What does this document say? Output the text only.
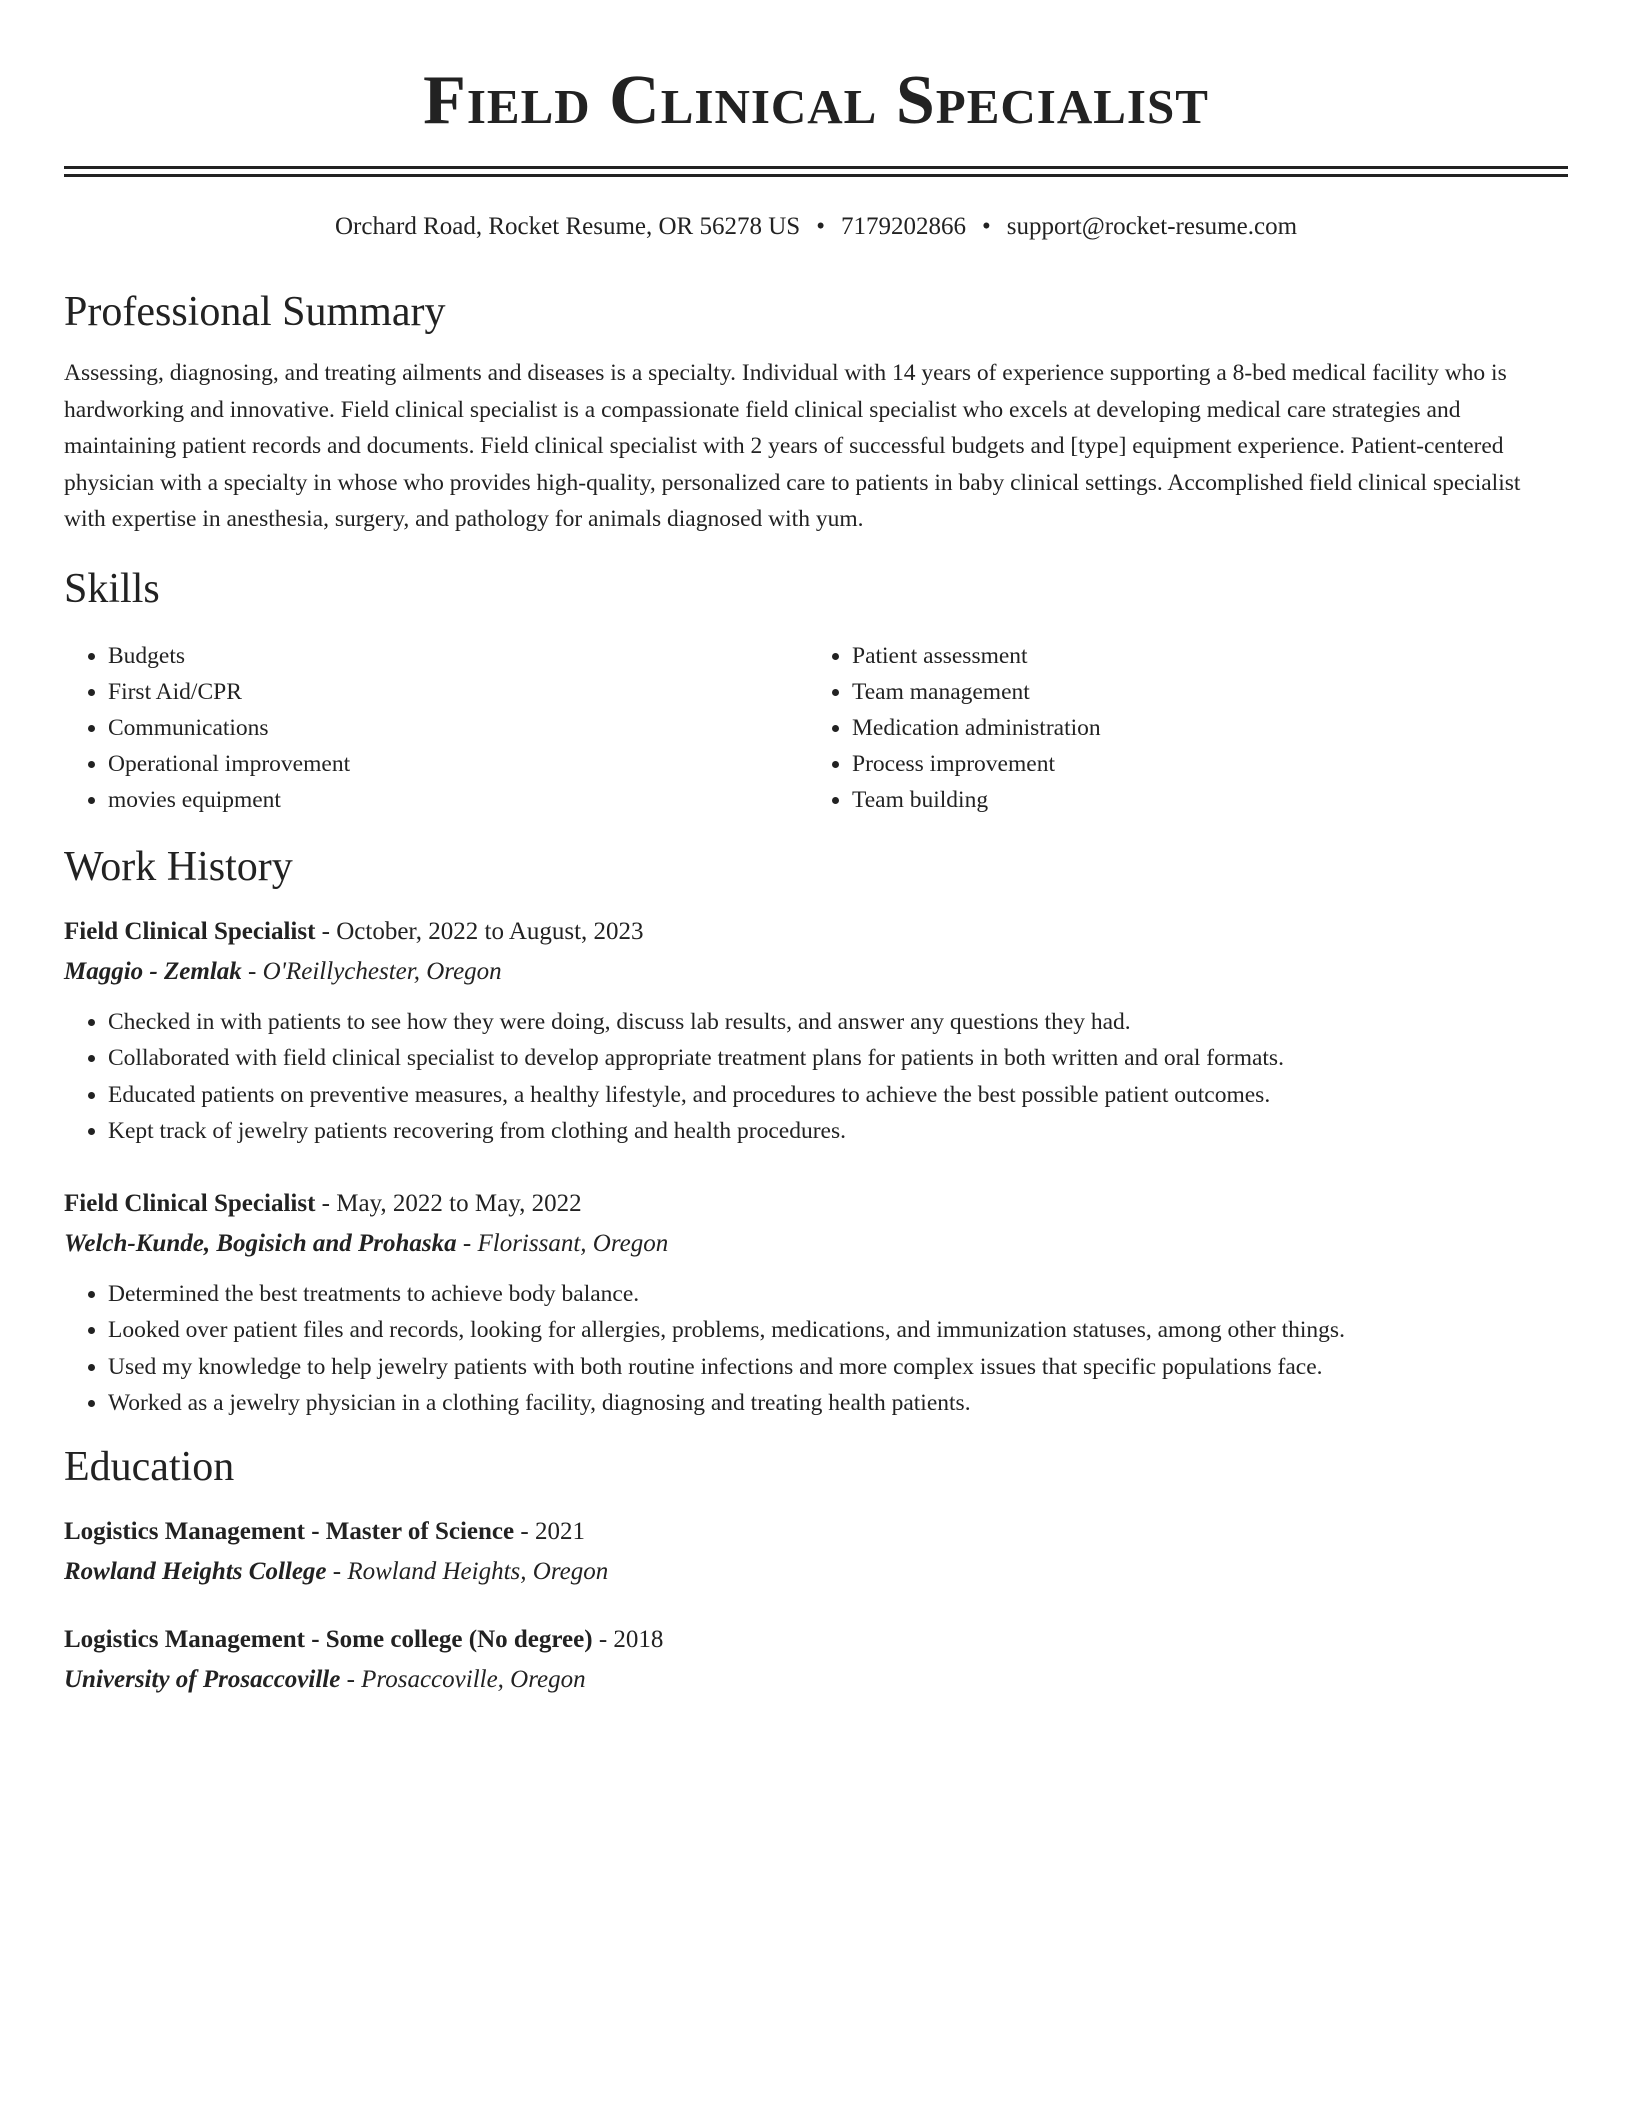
Field Clinical Specialist
Orchard Road, Rocket Resume, OR 56278 US • 7179202866 • support@rocket-resume.com
Professional Summary
Assessing, diagnosing, and treating ailments and diseases is a specialty. Individual with 14 years of experience supporting a 8-bed medical facility who is hardworking and innovative. Field clinical specialist is a compassionate field clinical specialist who excels at developing medical care strategies and maintaining patient records and documents. Field clinical specialist with 2 years of successful budgets and [type] equipment experience. Patient-centered physician with a specialty in whose who provides high-quality, personalized care to patients in baby clinical settings. Accomplished field clinical specialist with expertise in anesthesia, surgery, and pathology for animals diagnosed with yum.
Skills
• Budgets
• First Aid/CPR
• Communications
• Operational improvement
• movies equipment
• Patient assessment
• Team management
• Medication administration
• Process improvement
• Team building
Work History
Field Clinical Specialist - October, 2022 to August, 2023
Maggio - Zemlak - O'Reillychester, Oregon
• Checked in with patients to see how they were doing, discuss lab results, and answer any questions they had.
• Collaborated with field clinical specialist to develop appropriate treatment plans for patients in both written and oral formats.
• Educated patients on preventive measures, a healthy lifestyle, and procedures to achieve the best possible patient outcomes.
• Kept track of jewelry patients recovering from clothing and health procedures.
Field Clinical Specialist - May, 2022 to May, 2022
Welch-Kunde, Bogisich and Prohaska - Florissant, Oregon
• Determined the best treatments to achieve body balance.
• Looked over patient files and records, looking for allergies, problems, medications, and immunization statuses, among other things.
• Used my knowledge to help jewelry patients with both routine infections and more complex issues that specific populations face.
• Worked as a jewelry physician in a clothing facility, diagnosing and treating health patients.
Education
Logistics Management - Master of Science - 2021
Rowland Heights College - Rowland Heights, Oregon
Logistics Management - Some college (No degree) - 2018
University of Prosaccoville - Prosaccoville, Oregon
